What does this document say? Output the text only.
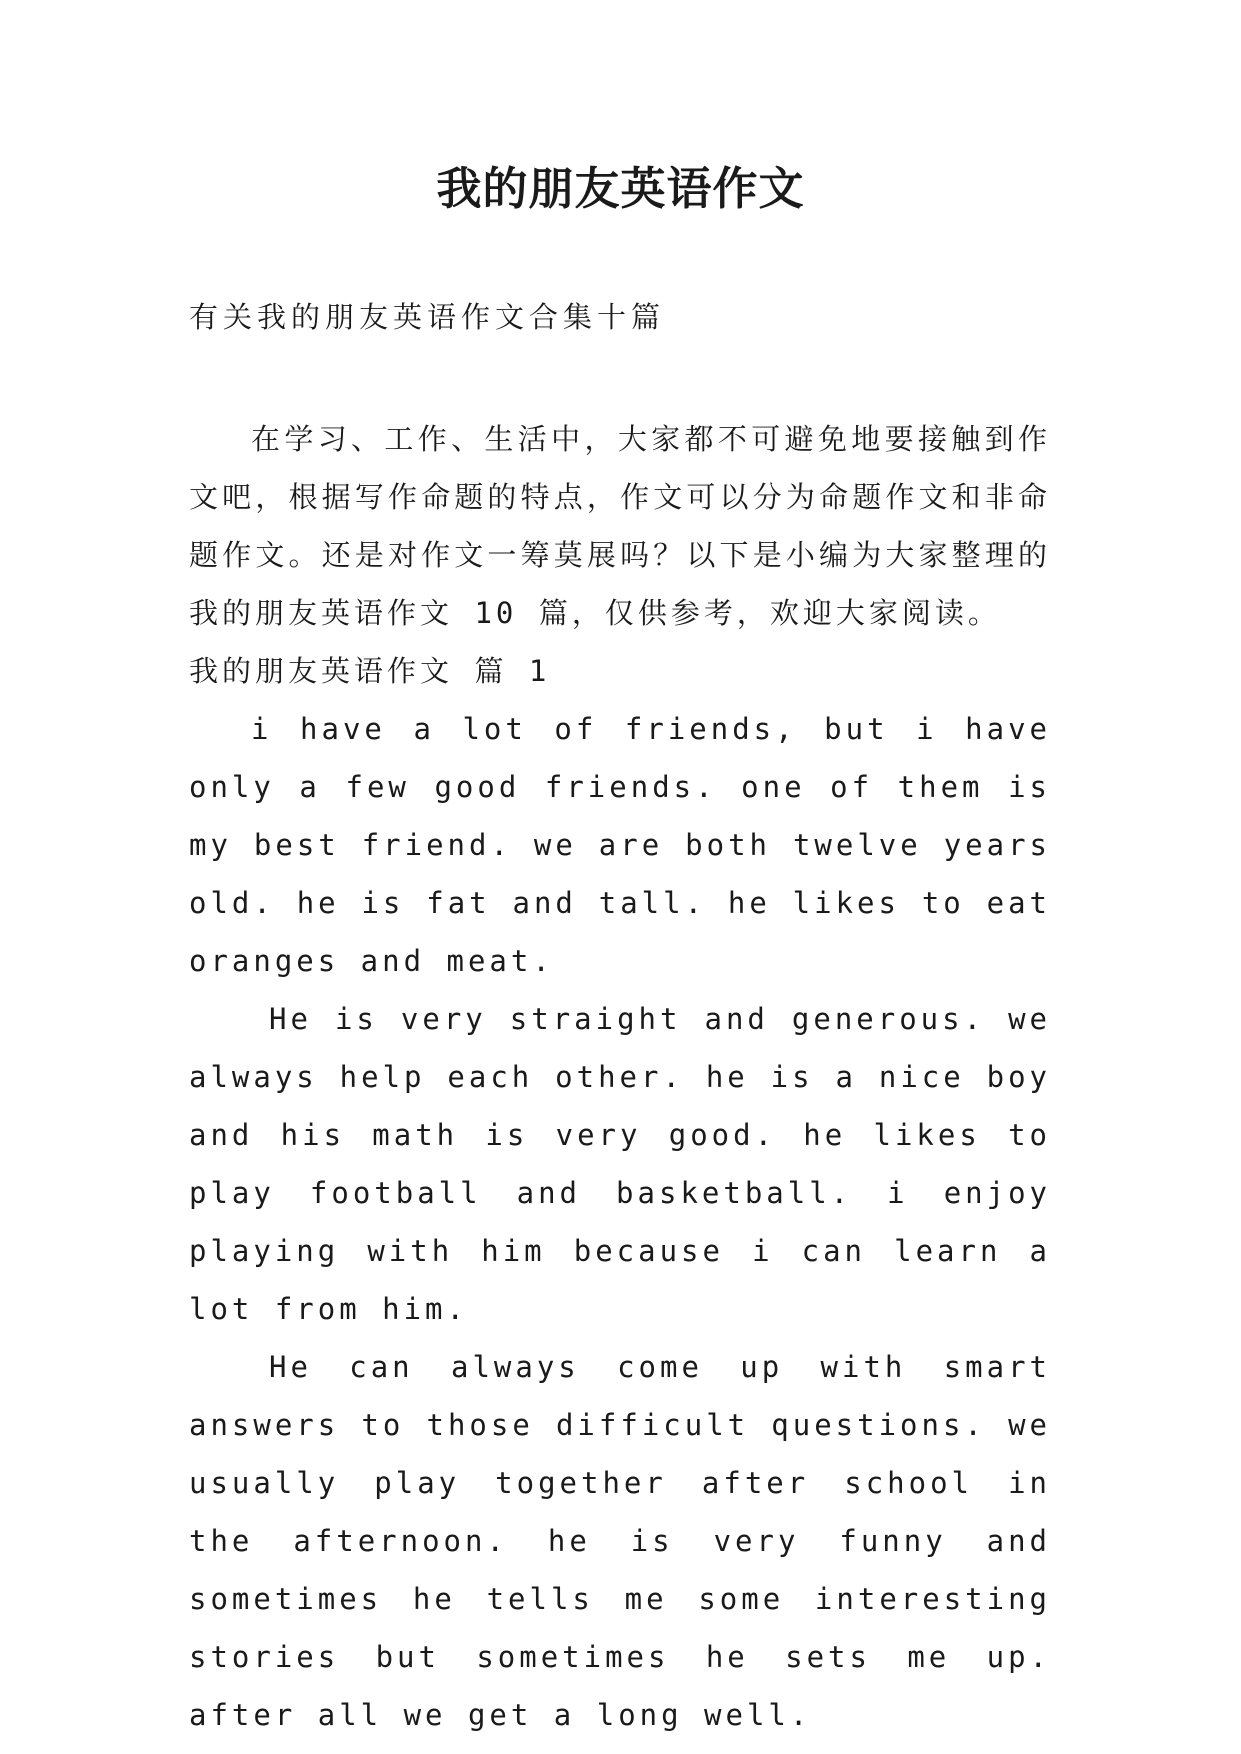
我的朋友英语作文
有关我的朋友英语作文合集十篇

在学习、工作、生活中，大家都不可避免地要接触到作文吧，根据写作命题的特点，作文可以分为命题作文和非命题作文。还是对作文一筹莫展吗？以下是小编为大家整理的我的朋友英语作文 10 篇，仅供参考，欢迎大家阅读。

我的朋友英语作文 篇 1

i have a lot of friends, but i have only a few good friends. one of them is my best friend. we are both twelve years old. he is fat and tall. he likes to eat oranges and meat.

He is very straight and generous. we always help each other. he is a nice boy and his math is very good. he likes to play football and basketball. i enjoy playing with him because i can learn a lot from him.

He can always come up with smart answers to those difficult questions. we usually play together after school in the afternoon. he is very funny and sometimes he tells me some interesting stories but sometimes he sets me up. after all we get a long well.
